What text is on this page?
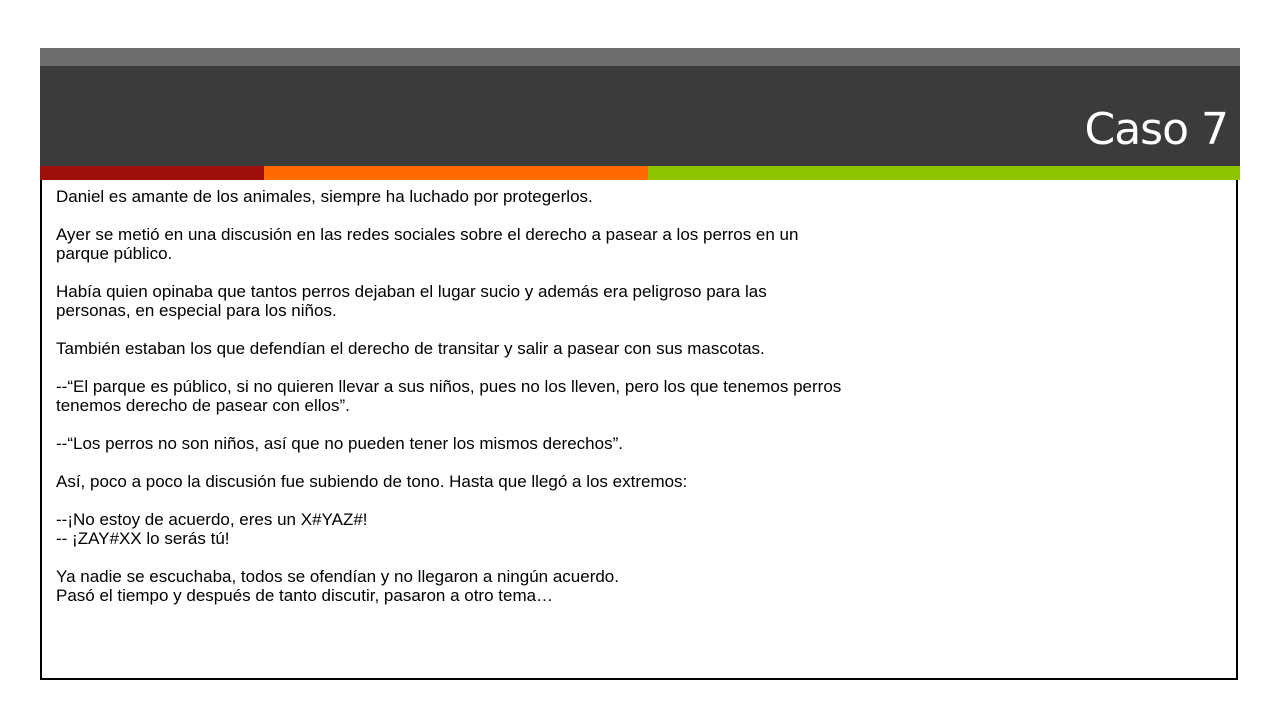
Caso 7

Daniel es amante de los animales, siempre ha luchado por protegerlos.

Ayer se metió en una discusión en las redes sociales sobre el derecho a pasear a los perros en un
parque público.

Había quien opinaba que tantos perros dejaban el lugar sucio y además era peligroso para las
personas, en especial para los niños.

También estaban los que defendían el derecho de transitar y salir a pasear con sus mascotas.

--“El parque es público, si no quieren llevar a sus niños, pues no los lleven, pero los que tenemos perros
tenemos derecho de pasear con ellos”.

--“Los perros no son niños, así que no pueden tener los mismos derechos”.

Así, poco a poco la discusión fue subiendo de tono. Hasta que llegó a los extremos:

--¡No estoy de acuerdo, eres un X#YAZ#!
-- ¡ZAY#XX lo serás tú!

Ya nadie se escuchaba, todos se ofendían y no llegaron a ningún acuerdo.
Pasó el tiempo y después de tanto discutir, pasaron a otro tema…
